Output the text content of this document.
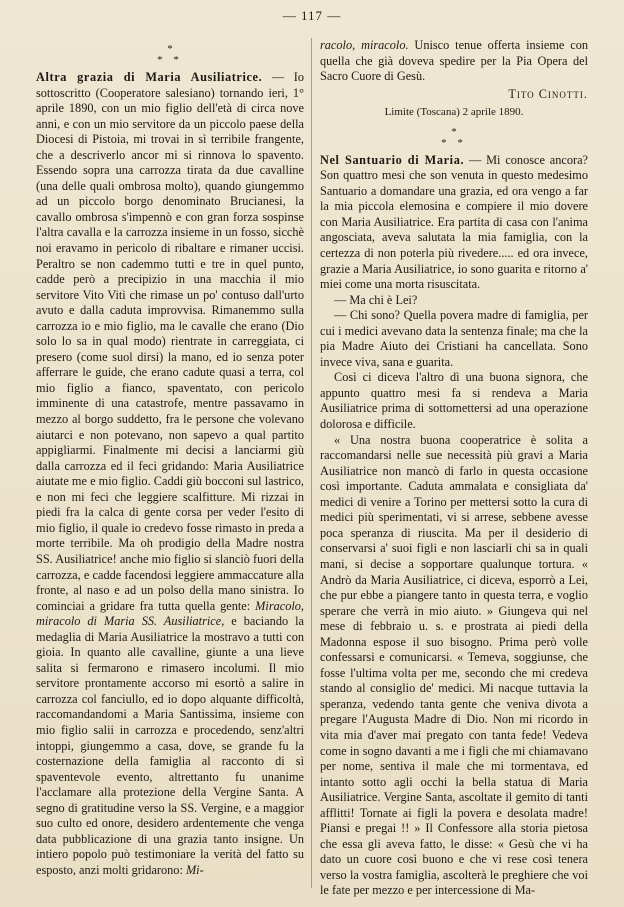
— 117 —
*
* *

Altra grazia di Maria Ausiliatrice. — Io sottoscritto (Cooperatore salesiano) tornando ieri, 1° aprile 1890, con un mio figlio dell'età di circa nove anni, e con un mio servitore da un piccolo paese della Diocesi di Pistoia, mi trovai in sì terribile frangente, che a descriverlo ancor mi si rinnova lo spavento. Essendo sopra una carrozza tirata da due cavalline (una delle quali ombrosa molto), quando giungemmo ad un piccolo borgo denominato Brucianesi, la cavallo ombrosa s'impennò e con gran forza sospinse l'altra cavalla e la carrozza insieme in un fosso, sicchè noi eravamo in pericolo di ribaltare e rimaner uccisi. Peraltro se non cademmo tutti e tre in quel punto, cadde però a precipizio in una macchia il mio servitore Vito Vitì che rimase un po' contuso dall'urto avuto e dalla caduta improvvisa. Rimanemmo sulla carrozza io e mio figlio, ma le cavalle che erano (Dio solo lo sa in qual modo) rientrate in carreggiata, ci presero (come suol dirsi) la mano, ed io senza poter afferrare le guide, che erano cadute quasi a terra, col mio figlio a fianco, spaventato, con pericolo imminente di una catastrofe, mentre passavamo in mezzo al borgo suddetto, fra le persone che volevano aiutarci e non potevano, non sapevo a qual partito appigliarmi. Finalmente mi decisi a lanciarmi giù dalla carrozza ed il feci gridando: Maria Ausiliatrice aiutate me e mio figlio. Caddi giù bocconi sul lastrico, e non mi feci che leggiere scalfitture. Mi rizzai in piedi fra la calca di gente corsa per veder l'esito di mio figlio, il quale io credevo fosse rimasto in preda a morte terribile. Ma oh prodigio della Madre nostra SS. Ausiliatrice! anche mio figlio si slanciò fuori della carrozza, e cadde facendosi leggiere ammaccature alla fronte, al naso e ad un polso della mano sinistra. Io cominciai a gridare fra tutta quella gente: Miracolo, miracolo di Maria SS. Ausiliatrice, e baciando la medaglia di Maria Ausiliatrice la mostravo a tutti con gioia. In quanto alle cavalline, giunte a una lieve salita si fermarono e rimasero incolumi. Il mio servitore prontamente accorso mi esortò a salire in carrozza col fanciullo, ed io dopo alquante difficoltà, raccomandandomi a Maria Santissima, insieme con mio figlio salii in carrozza e procedendo, senz'altri intoppi, giungemmo a casa, dove, se grande fu la costernazione della famiglia al racconto di sì spaventevole evento, altrettanto fu unanime l'acclamare alla protezione della Vergine Santa. A segno di gratitudine verso la SS. Vergine, e a maggior suo culto ed onore, desidero ardentemente che venga data pubblicazione di una grazia tanto insigne. Un intiero popolo può testimoniare la verità del fatto su esposto, anzi molti gridarono: Mi-

racolo, miracolo. Unisco tenue offerta insieme con quella che già doveva spedire per la Pia Opera del Sacro Cuore di Gesù.

Tito Cinotti.
Limite (Toscana) 2 aprile 1890.
*
* *

Nel Santuario di Maria. — Mi conosce ancora? Son quattro mesi che son venuta in questo medesimo Santuario a domandare una grazia, ed ora vengo a far la mia piccola elemosina e compiere il mio dovere con Maria Ausiliatrice. Era partita di casa con l'anima angosciata, aveva salutata la mia famiglia, con la certezza di non poterla più rivedere..... ed ora invece, grazie a Maria Ausiliatrice, io sono guarita e ritorno a' miei come una morta risuscitata.

— Ma chi è Lei?

— Chi sono? Quella povera madre di famiglia, per cui i medici avevano data la sentenza finale; ma che la pia Madre Aiuto dei Cristiani ha cancellata. Sono invece viva, sana e guarita.

Così ci diceva l'altro dì una buona signora, che appunto quattro mesi fa si rendeva a Maria Ausiliatrice prima di sottomettersi ad una operazione dolorosa e difficile.

« Una nostra buona cooperatrice è solita a raccomandarsi nelle sue necessità più gravi a Maria Ausiliatrice non mancò di farlo in questa occasione così importante. Caduta ammalata e consigliata da' medici di venire a Torino per mettersi sotto la cura di medici più sperimentati, vi si arrese, sebbene avesse poca speranza di riuscita. Ma per il desiderio di conservarsi a' suoi figli e non lasciarli chi sa in quali mani, si decise a sopportare qualunque tortura. « Andrò da Maria Ausiliatrice, ci diceva, esporrò a Lei, che pur ebbe a piangere tanto in questa terra, e voglio sperare che verrà in mio aiuto. » Giungeva qui nel mese di febbraio u. s. e prostrata ai piedi della Madonna espose il suo bisogno. Prima però volle confessarsi e comunicarsi. « Temeva, soggiunse, che fosse l'ultima volta per me, secondo che mi credeva stando al consiglio de' medici. Mi nacque tuttavia la speranza, vedendo tanta gente che veniva divota a pregare l'Augusta Madre di Dio. Non mi ricordo in vita mia d'aver mai pregato con tanta fede! Vedeva come in sogno davanti a me i figli che mi chiamavano per nome, sentiva il male che mi tormentava, ed intanto sotto agli occhi la bella statua di Maria Ausiliatrice. Vergine Santa, ascoltate il gemito di tanti afflitti! Tornate ai figli la povera e desolata madre! Piansi e pregai !! » Il Confessore alla storia pietosa che essa gli aveva fatto, le disse: « Gesù che vi ha dato un cuore così buono e che vi rese così tenera verso la vostra famiglia, ascolterà le preghiere che voi le fate per mezzo e per intercessione di Ma-
